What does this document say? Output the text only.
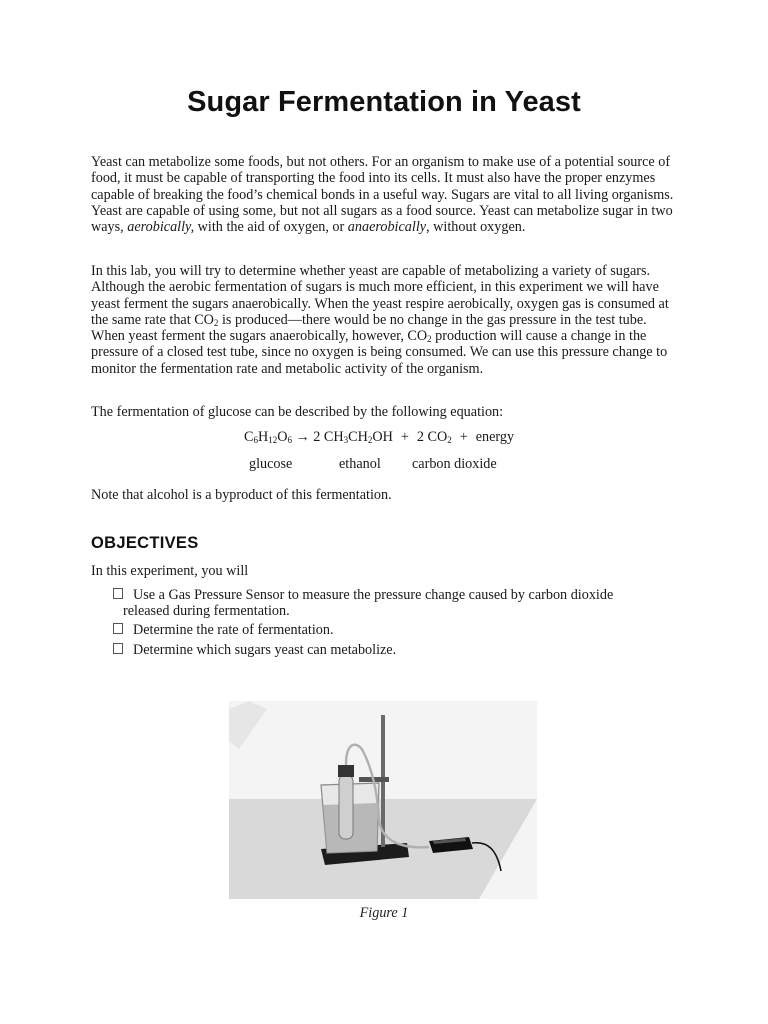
Sugar Fermentation in Yeast

Yeast can metabolize some foods, but not others. For an organism to make use of a potential source of food, it must be capable of transporting the food into its cells. It must also have the proper enzymes capable of breaking the food’s chemical bonds in a useful way. Sugars are vital to all living organisms. Yeast are capable of using some, but not all sugars as a food source. Yeast can metabolize sugar in two ways, aerobically, with the aid of oxygen, or anaerobically, without oxygen.

In this lab, you will try to determine whether yeast are capable of metabolizing a variety of sugars. Although the aerobic fermentation of sugars is much more efficient, in this experiment we will have yeast ferment the sugars anaerobically. When the yeast respire aerobically, oxygen gas is consumed at the same rate that $CO_2$ is produced—there would be no change in the gas pressure in the test tube. When yeast ferment the sugars anaerobically, however, $CO_2$ production will cause a change in the pressure of a closed test tube, since no oxygen is being consumed. We can use this pressure change to monitor the fermentation rate and metabolic activity of the organism.

The fermentation of glucose can be described by the following equation:

$C_6H_{12}O_6 \to 2$ $CH_3CH_2OH + 2$ $CO_2$ + energy
glucose	ethanol carbon dioxide

Note that alcohol is a byproduct of this fermentation.

OBJECTIVES

In this experiment, you will

Use a Gas Pressure Sensor to measure the pressure change caused by carbon dioxide
released during fermentation.
Determine the rate of fermentation.
Determine which sugars yeast can metabolize.
Figure 1
